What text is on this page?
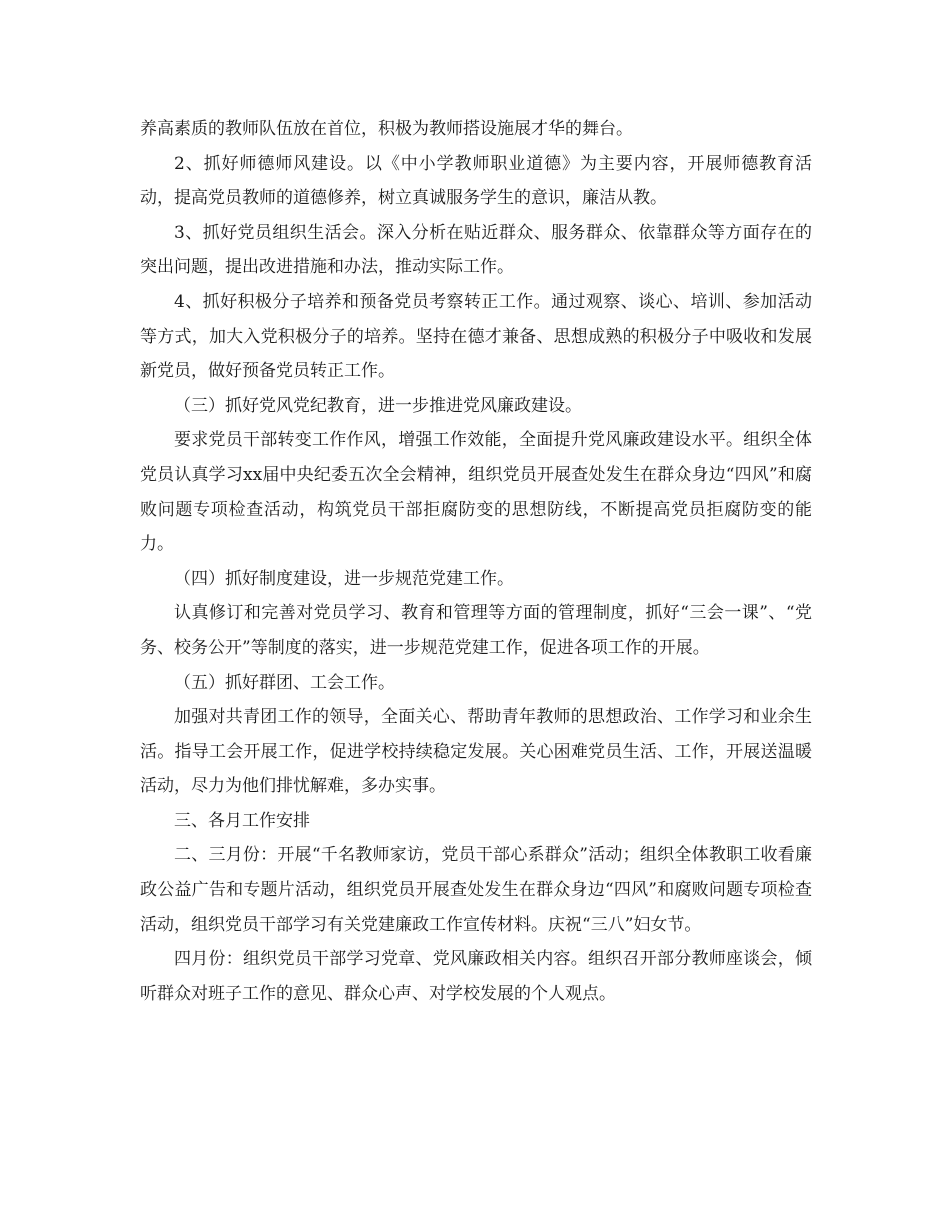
养高素质的教师队伍放在首位，积极为教师搭设施展才华的舞台。

2、抓好师德师风建设。以《中小学教师职业道德》为主要内容，开展师德教育活动，提高党员教师的道德修养，树立真诚服务学生的意识，廉洁从教。

3、抓好党员组织生活会。深入分析在贴近群众、服务群众、依靠群众等方面存在的突出问题，提出改进措施和办法，推动实际工作。

4、抓好积极分子培养和预备党员考察转正工作。通过观察、谈心、培训、参加活动等方式，加大入党积极分子的培养。坚持在德才兼备、思想成熟的积极分子中吸收和发展新党员，做好预备党员转正工作。

（三）抓好党风党纪教育，进一步推进党风廉政建设。

要求党员干部转变工作作风，增强工作效能，全面提升党风廉政建设水平。组织全体党员认真学习xx届中央纪委五次全会精神，组织党员开展查处发生在群众身边“四风”和腐败问题专项检查活动，构筑党员干部拒腐防变的思想防线，不断提高党员拒腐防变的能力。

（四）抓好制度建设，进一步规范党建工作。

认真修订和完善对党员学习、教育和管理等方面的管理制度，抓好“三会一课”、“党务、校务公开”等制度的落实，进一步规范党建工作，促进各项工作的开展。

（五）抓好群团、工会工作。

加强对共青团工作的领导，全面关心、帮助青年教师的思想政治、工作学习和业余生活。指导工会开展工作，促进学校持续稳定发展。关心困难党员生活、工作，开展送温暖活动，尽力为他们排忧解难，多办实事。

三、各月工作安排

二、三月份：开展“千名教师家访，党员干部心系群众”活动；组织全体教职工收看廉政公益广告和专题片活动，组织党员开展查处发生在群众身边“四风”和腐败问题专项检查活动，组织党员干部学习有关党建廉政工作宣传材料。庆祝“三八”妇女节。

四月份：组织党员干部学习党章、党风廉政相关内容。组织召开部分教师座谈会，倾听群众对班子工作的意见、群众心声、对学校发展的个人观点。
